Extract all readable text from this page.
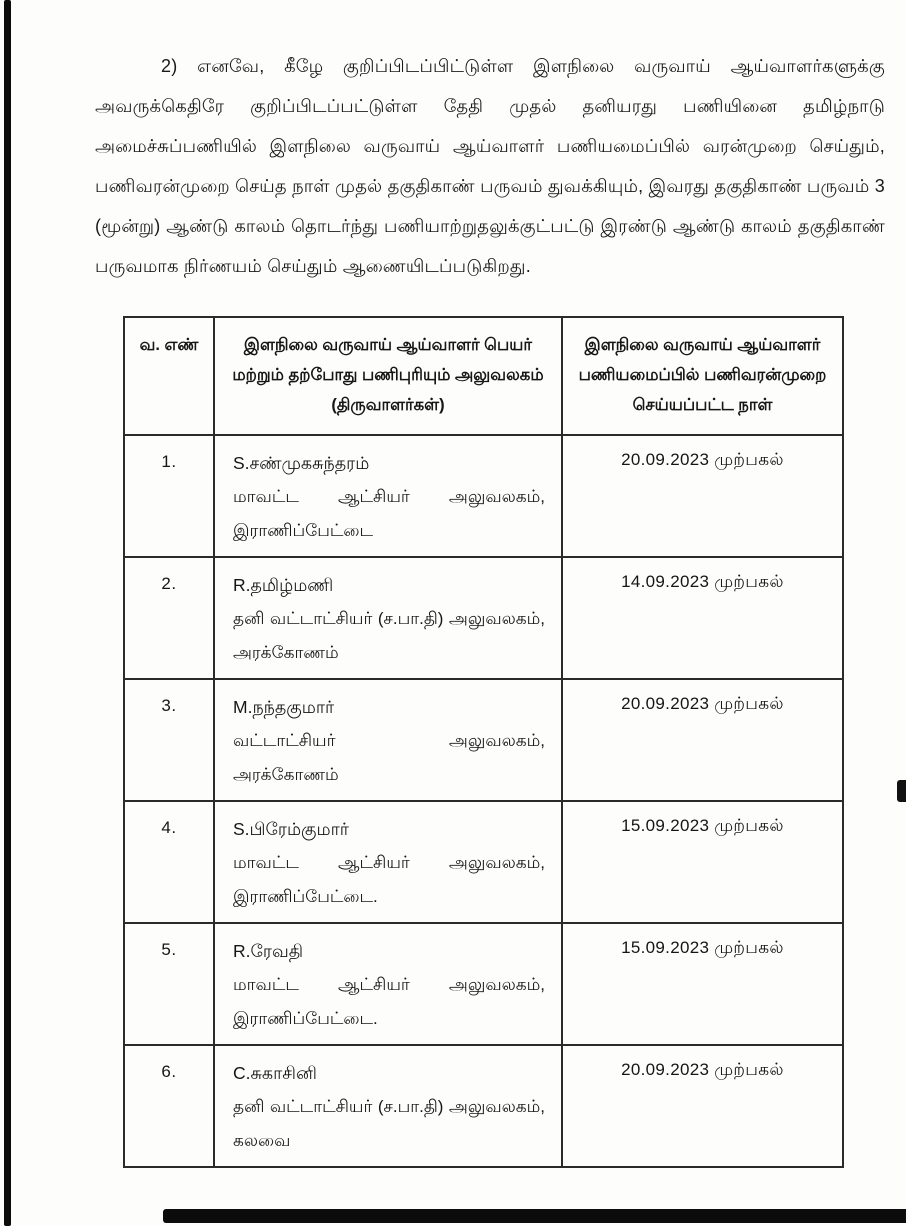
2) எனவே, கீழே குறிப்பிடப்பிட்டுள்ள இளநிலை வருவாய் ஆய்வாளர்களுக்கு அவருக்கெதிரே குறிப்பிடப்பட்டுள்ள தேதி முதல் தனியரது பணியினை தமிழ்நாடு அமைச்சுப்பணியில் இளநிலை வருவாய் ஆய்வாளர் பணியமைப்பில் வரன்முறை செய்தும், பணிவரன்முறை செய்த நாள் முதல் தகுதிகாண் பருவம் துவக்கியும், இவரது தகுதிகாண் பருவம் 3 (மூன்று) ஆண்டு காலம் தொடர்ந்து பணியாற்றுதலுக்குட்பட்டு இரண்டு ஆண்டு காலம் தகுதிகாண் பருவமாக நிர்ணயம் செய்தும் ஆணையிடப்படுகிறது.

வ. எண்	இளநிலை வருவாய் ஆய்வாளர் பெயர் மற்றும் தற்போது பணிபுரியும் அலுவலகம் (திருவாளர்கள்)	இளநிலை வருவாய் ஆய்வாளர் பணியமைப்பில் பணிவரன்முறை செய்யப்பட்ட நாள்
1.	S.சண்முகசுந்தரம்
மாவட்ட ஆட்சியர் அலுவலகம்,
இராணிப்பேட்டை	20.09.2023 முற்பகல்
2.	R.தமிழ்மணி
தனி வட்டாட்சியர் (ச.பா.தி) அலுவலகம்,
அரக்கோணம்	14.09.2023 முற்பகல்
3.	M.நந்தகுமார்
வட்டாட்சியர் அலுவலகம்,
அரக்கோணம்	20.09.2023 முற்பகல்
4.	S.பிரேம்குமார்
மாவட்ட ஆட்சியர் அலுவலகம்,
இராணிப்பேட்டை.	15.09.2023 முற்பகல்
5.	R.ரேவதி
மாவட்ட ஆட்சியர் அலுவலகம்,
இராணிப்பேட்டை.	15.09.2023 முற்பகல்
6.	C.சுகாசினி
தனி வட்டாட்சியர் (ச.பா.தி) அலுவலகம்,
கலவை	20.09.2023 முற்பகல்
